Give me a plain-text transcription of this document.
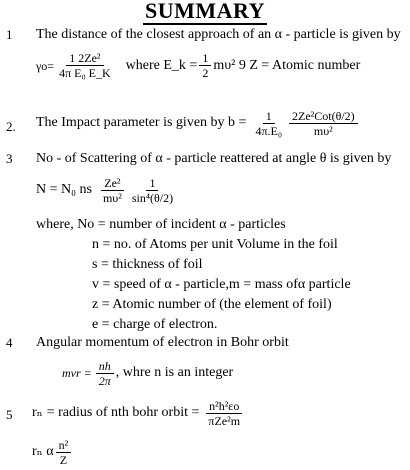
SUMMARY
1 The distance of the closest approach of an α - particle is given by
$\gamma o= \frac{\text{1 2Ze²}}{\text{4π E₀ E\_K}}$ where E_k = $\frac{1}{2} m\upsilon^2$ 9 Z = Atomic number
2. The Impact parameter is given by $b = \frac{1}{\text{4π.E₀}} \frac{\text{2Ze²Cot(θ/2)}}{\text{mυ²}}$
3 No - of Scattering of α - particle reattered at angle θ is given by
N = N₀ ns $\frac{\text{Ze²}}{\text{mυ²}} \frac{1}{\text{sin⁴(θ/2)}}$
where, No = number of incident α - particles
n = no. of Atoms per unit Volume in the foil
s = thickness of foil
v = speed of α - particle,m = mass ofα particle
z = Atomic number of (the element of foil)
e = charge of electron.
4 Angular momentum of electron in Bohr orbit
mvr = $\frac{nh}{2\pi}$ , whre n is an integer
5 rₙ = radius of nth bohr orbit = $\frac{\text{n²h²εo}}{\text{πZe²m}}$
rₙ α $\frac{\text{n²}}{Z}$
